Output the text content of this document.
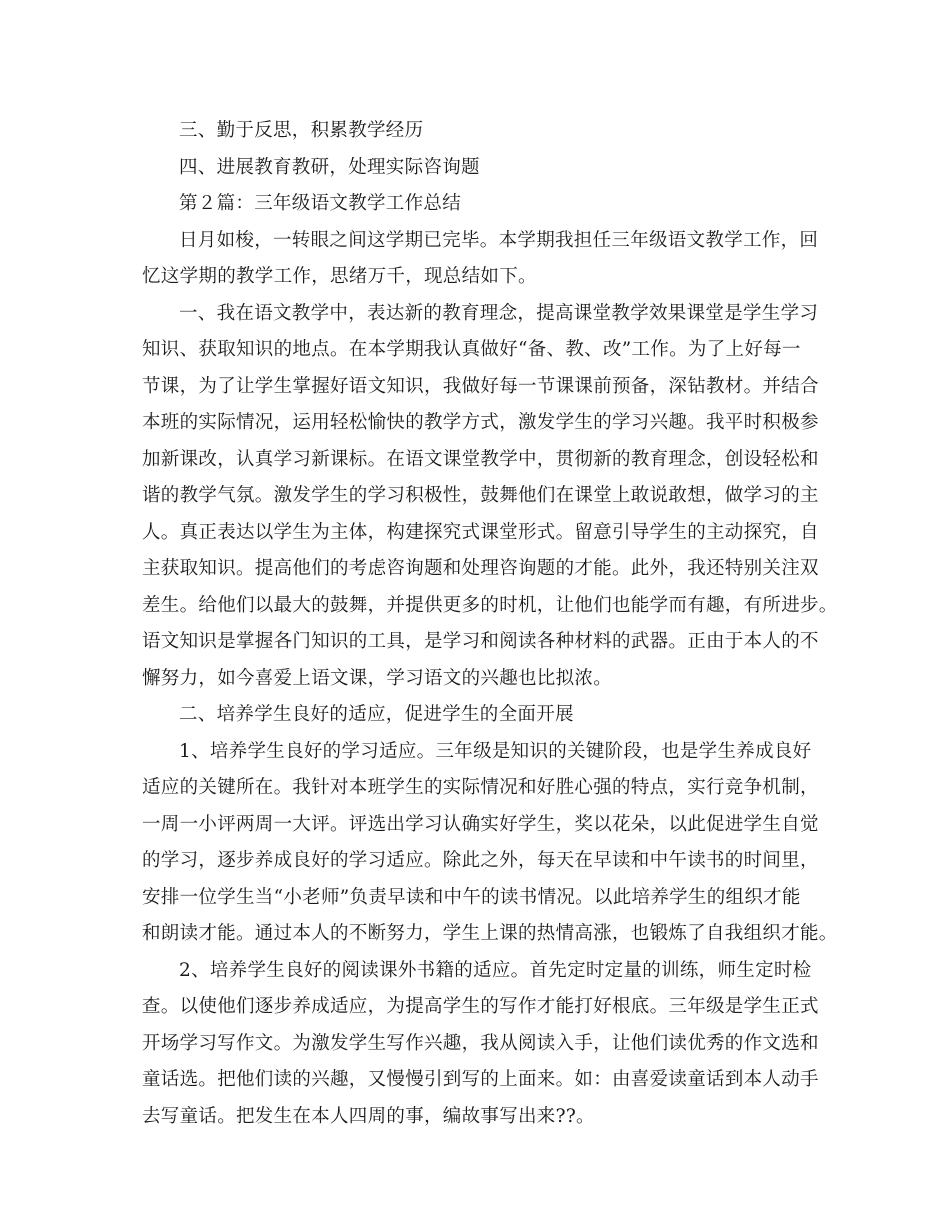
三、勤于反思，积累教学经历
四、进展教育教研，处理实际咨询题
第２篇：三年级语文教学工作总结
日月如梭，一转眼之间这学期已完毕。本学期我担任三年级语文教学工作，回
忆这学期的教学工作，思绪万千，现总结如下。
一、我在语文教学中，表达新的教育理念，提高课堂教学效果课堂是学生学习
知识、获取知识的地点。在本学期我认真做好“备、教、改”工作。为了上好每一
节课，为了让学生掌握好语文知识，我做好每一节课课前预备，深钻教材。并结合
本班的实际情况，运用轻松愉快的教学方式，激发学生的学习兴趣。我平时积极参
加新课改，认真学习新课标。在语文课堂教学中，贯彻新的教育理念，创设轻松和
谐的教学气氛。激发学生的学习积极性，鼓舞他们在课堂上敢说敢想，做学习的主
人。真正表达以学生为主体，构建探究式课堂形式。留意引导学生的主动探究，自
主获取知识。提高他们的考虑咨询题和处理咨询题的才能。此外，我还特别关注双
差生。给他们以最大的鼓舞，并提供更多的时机，让他们也能学而有趣，有所进步。
语文知识是掌握各门知识的工具，是学习和阅读各种材料的武器。正由于本人的不
懈努力，如今喜爱上语文课，学习语文的兴趣也比拟浓。
二、培养学生良好的适应，促进学生的全面开展
1、培养学生良好的学习适应。三年级是知识的关键阶段，也是学生养成良好
适应的关键所在。我针对本班学生的实际情况和好胜心强的特点，实行竞争机制，
一周一小评两周一大评。评选出学习认确实好学生，奖以花朵，以此促进学生自觉
的学习，逐步养成良好的学习适应。除此之外，每天在早读和中午读书的时间里，
安排一位学生当“小老师”负责早读和中午的读书情况。以此培养学生的组织才能
和朗读才能。通过本人的不断努力，学生上课的热情高涨，也锻炼了自我组织才能。
2、培养学生良好的阅读课外书籍的适应。首先定时定量的训练，师生定时检
查。以使他们逐步养成适应，为提高学生的写作才能打好根底。三年级是学生正式
开场学习写作文。为激发学生写作兴趣，我从阅读入手，让他们读优秀的作文选和
童话选。把他们读的兴趣，又慢慢引到写的上面来。如：由喜爱读童话到本人动手
去写童话。把发生在本人四周的事，编故事写出来??。
